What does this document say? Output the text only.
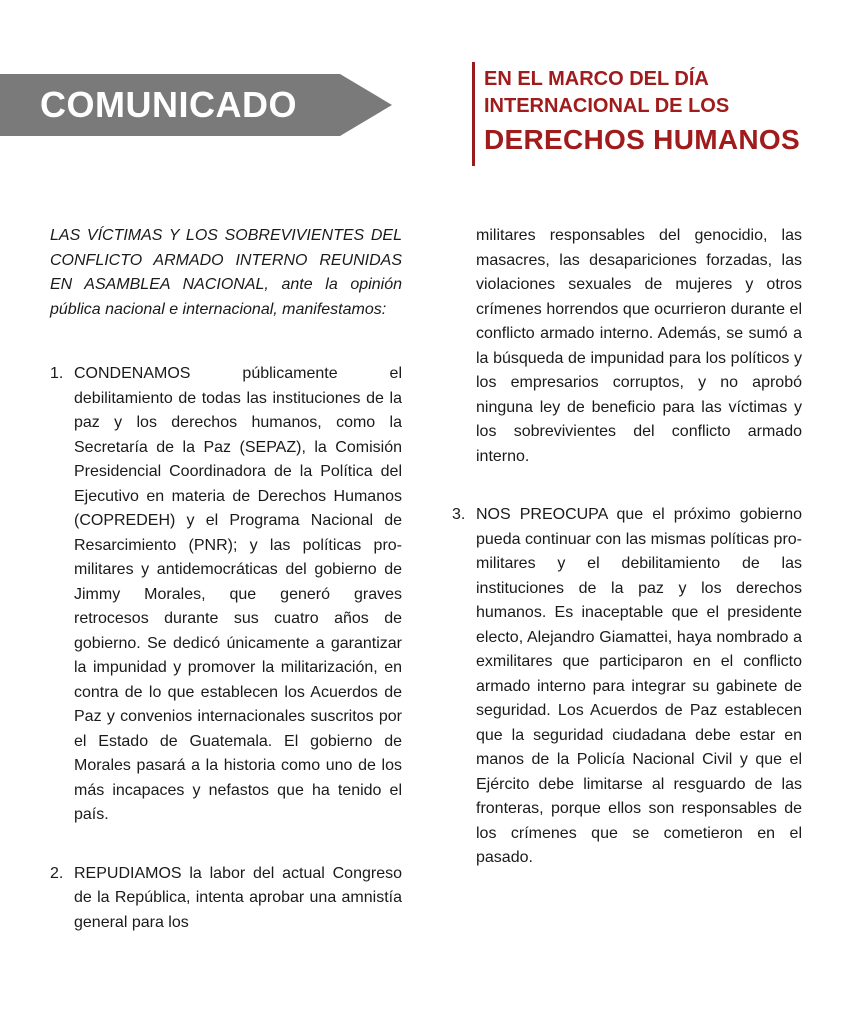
COMUNICADO
EN EL MARCO DEL DÍA
INTERNACIONAL DE LOS
DERECHOS HUMANOS

LAS VÍCTIMAS Y LOS SOBREVIVIENTES DEL CONFLICTO ARMADO INTERNO REUNIDAS EN ASAMBLEA NACIONAL, ante la opinión pública nacional e internacional, manifestamos:

1. CONDENAMOS públicamente el debilitamiento de todas las instituciones de la paz y los derechos humanos, como la Secretaría de la Paz (SEPAZ), la Comisión Presidencial Coordinadora de la Política del Ejecutivo en materia de Derechos Humanos (COPREDEH) y el Programa Nacional de Resarcimiento (PNR); y las políticas pro-militares y antidemocráticas del gobierno de Jimmy Morales, que generó graves retrocesos durante sus cuatro años de gobierno. Se dedicó únicamente a garantizar la impunidad y promover la militarización, en contra de lo que establecen los Acuerdos de Paz y convenios internacionales suscritos por el Estado de Guatemala. El gobierno de Morales pasará a la historia como uno de los más incapaces y nefastos que ha tenido el país.
2. REPUDIAMOS la labor del actual Congreso de la República, intenta aprobar una amnistía general para los
militares responsables del genocidio, las masacres, las desapariciones forzadas, las violaciones sexuales de mujeres y otros crímenes horrendos que ocurrieron durante el conflicto armado interno. Además, se sumó a la búsqueda de impunidad para los políticos y los empresarios corruptos, y no aprobó ninguna ley de beneficio para las víctimas y los sobrevivientes del conflicto armado interno.
3. NOS PREOCUPA que el próximo gobierno pueda continuar con las mismas políticas pro-militares y el debilitamiento de las instituciones de la paz y los derechos humanos. Es inaceptable que el presidente electo, Alejandro Giamattei, haya nombrado a exmilitares que participaron en el conflicto armado interno para integrar su gabinete de seguridad. Los Acuerdos de Paz establecen que la seguridad ciudadana debe estar en manos de la Policía Nacional Civil y que el Ejército debe limitarse al resguardo de las fronteras, porque ellos son responsables de los crímenes que se cometieron en el pasado.
